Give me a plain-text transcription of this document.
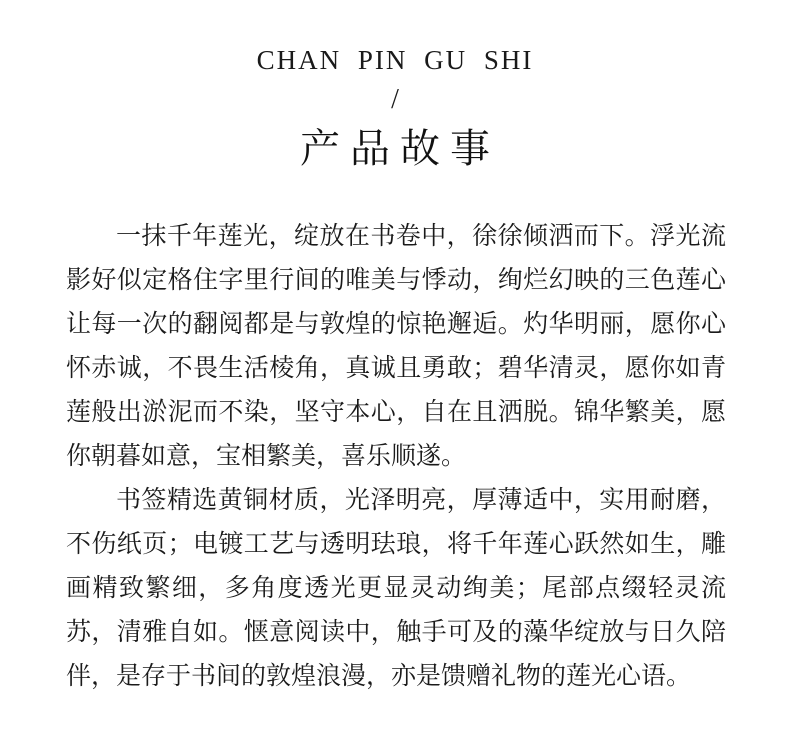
CHAN PIN GU SHI
/
产品故事

一抹千年莲光，绽放在书卷中，徐徐倾洒而下。浮光流影好似定格住字里行间的唯美与悸动，绚烂幻映的三色莲心让每一次的翻阅都是与敦煌的惊艳邂逅。灼华明丽，愿你心怀赤诚，不畏生活棱角，真诚且勇敢；碧华清灵，愿你如青莲般出淤泥而不染，坚守本心，自在且洒脱。锦华繁美，愿你朝暮如意，宝相繁美，喜乐顺遂。

书签精选黄铜材质，光泽明亮，厚薄适中，实用耐磨，不伤纸页；电镀工艺与透明珐琅，将千年莲心跃然如生，雕画精致繁细，多角度透光更显灵动绚美；尾部点缀轻灵流苏，清雅自如。惬意阅读中，触手可及的藻华绽放与日久陪伴，是存于书间的敦煌浪漫，亦是馈赠礼物的莲光心语。
